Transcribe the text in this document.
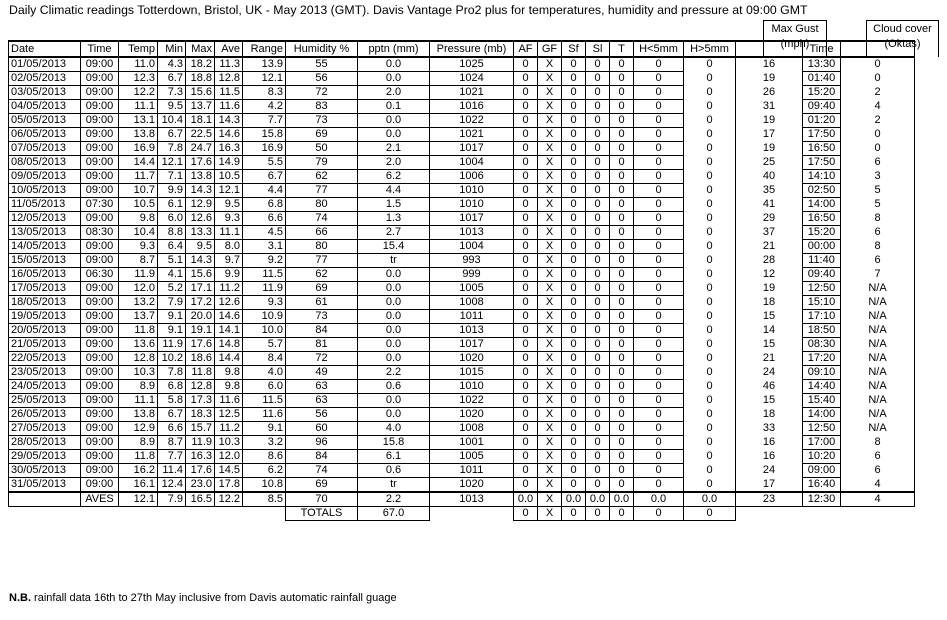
Daily Climatic readings Totterdown, Bristol, UK - May 2013 (GMT). Davis Vantage Pro2 plus for temperatures, humidity and pressure at 09:00 GMT
Max Gust
(mph)
Cloud cover
(Oktas)
Date	Time	Temp	Min	Max	Ave	Range	Humidity %	pptn (mm)	Pressure (mb)	AF	GF	Sf	Sl	T	H<5mm	H>5mm		Time	
01/05/2013	09:00	11.0	4.3	18.2	11.3	13.9	55	0.0	1025	0	X	0	0	0	0	0	16	13:30	0
02/05/2013	09:00	12.3	6.7	18.8	12.8	12.1	56	0.0	1024	0	X	0	0	0	0	0	19	01:40	0
03/05/2013	09:00	12.2	7.3	15.6	11.5	8.3	72	2.0	1021	0	X	0	0	0	0	0	26	15:20	2
04/05/2013	09:00	11.1	9.5	13.7	11.6	4.2	83	0.1	1016	0	X	0	0	0	0	0	31	09:40	4
05/05/2013	09:00	13.1	10.4	18.1	14.3	7.7	73	0.0	1022	0	X	0	0	0	0	0	19	01:20	2
06/05/2013	09:00	13.8	6.7	22.5	14.6	15.8	69	0.0	1021	0	X	0	0	0	0	0	17	17:50	0
07/05/2013	09:00	16.9	7.8	24.7	16.3	16.9	50	2.1	1017	0	X	0	0	0	0	0	19	16:50	0
08/05/2013	09:00	14.4	12.1	17.6	14.9	5.5	79	2.0	1004	0	X	0	0	0	0	0	25	17:50	6
09/05/2013	09:00	11.7	7.1	13.8	10.5	6.7	62	6.2	1006	0	X	0	0	0	0	0	40	14:10	3
10/05/2013	09:00	10.7	9.9	14.3	12.1	4.4	77	4.4	1010	0	X	0	0	0	0	0	35	02:50	5
11/05/2013	07:30	10.5	6.1	12.9	9.5	6.8	80	1.5	1010	0	X	0	0	0	0	0	41	14:00	5
12/05/2013	09:00	9.8	6.0	12.6	9.3	6.6	74	1.3	1017	0	X	0	0	0	0	0	29	16:50	8
13/05/2013	08:30	10.4	8.8	13.3	11.1	4.5	66	2.7	1013	0	X	0	0	0	0	0	37	15:20	6
14/05/2013	09:00	9.3	6.4	9.5	8.0	3.1	80	15.4	1004	0	X	0	0	0	0	0	21	00:00	8
15/05/2013	09:00	8.7	5.1	14.3	9.7	9.2	77	tr	993	0	X	0	0	0	0	0	28	11:40	6
16/05/2013	06:30	11.9	4.1	15.6	9.9	11.5	62	0.0	999	0	X	0	0	0	0	0	12	09:40	7
17/05/2013	09:00	12.0	5.2	17.1	11.2	11.9	69	0.0	1005	0	X	0	0	0	0	0	19	12:50	N/A
18/05/2013	09:00	13.2	7.9	17.2	12.6	9.3	61	0.0	1008	0	X	0	0	0	0	0	18	15:10	N/A
19/05/2013	09:00	13.7	9.1	20.0	14.6	10.9	73	0.0	1011	0	X	0	0	0	0	0	15	17:10	N/A
20/05/2013	09:00	11.8	9.1	19.1	14.1	10.0	84	0.0	1013	0	X	0	0	0	0	0	14	18:50	N/A
21/05/2013	09:00	13.6	11.9	17.6	14.8	5.7	81	0.0	1017	0	X	0	0	0	0	0	15	08:30	N/A
22/05/2013	09:00	12.8	10.2	18.6	14.4	8.4	72	0.0	1020	0	X	0	0	0	0	0	21	17:20	N/A
23/05/2013	09:00	10.3	7.8	11.8	9.8	4.0	49	2.2	1015	0	X	0	0	0	0	0	24	09:10	N/A
24/05/2013	09:00	8.9	6.8	12.8	9.8	6.0	63	0.6	1010	0	X	0	0	0	0	0	46	14:40	N/A
25/05/2013	09:00	11.1	5.8	17.3	11.6	11.5	63	0.0	1022	0	X	0	0	0	0	0	15	15:40	N/A
26/05/2013	09:00	13.8	6.7	18.3	12.5	11.6	56	0.0	1020	0	X	0	0	0	0	0	18	14:00	N/A
27/05/2013	09:00	12.9	6.6	15.7	11.2	9.1	60	4.0	1008	0	X	0	0	0	0	0	33	12:50	N/A
28/05/2013	09:00	8.9	8.7	11.9	10.3	3.2	96	15.8	1001	0	X	0	0	0	0	0	16	17:00	8
29/05/2013	09:00	11.8	7.7	16.3	12.0	8.6	84	6.1	1005	0	X	0	0	0	0	0	16	10:20	6
30/05/2013	09:00	16.2	11.4	17.6	14.5	6.2	74	0.6	1011	0	X	0	0	0	0	0	24	09:00	6
31/05/2013	09:00	16.1	12.4	23.0	17.8	10.8	69	tr	1020	0	X	0	0	0	0	0	17	16:40	4
	AVES	12.1	7.9	16.5	12.2	8.5	70	2.2	1013	0.0	X	0.0	0.0	0.0	0.0	0.0	23	12:30	4
							TOTALS	67.0		0	X	0	0	0	0	0			
N.B. rainfall data 16th to 27th May inclusive from Davis automatic rainfall guage
